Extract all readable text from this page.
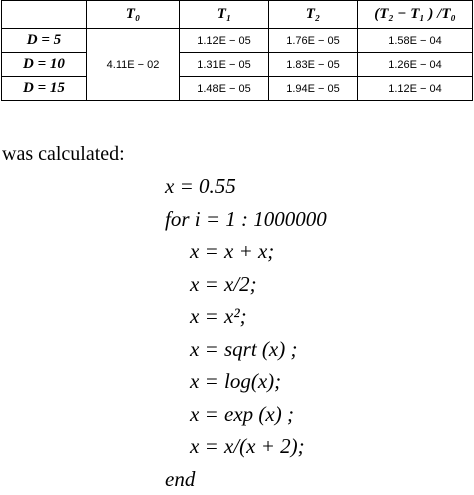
	T₀	T₁	T₂	(T₂ − T₁ ) /T₀
D = 5	4.11E − 02	1.12E − 05	1.76E − 05	1.58E − 04
D = 10		1.31E − 05	1.83E − 05	1.26E − 04
D = 15		1.48E − 05	1.94E − 05	1.12E − 04
was calculated:
x = 0.55
for i = 1 : 1000000
x = x + x;
x = x/2;
x = x²;
x = sqrt (x) ;
x = log(x);
x = exp (x) ;
x = x/(x + 2);
end
